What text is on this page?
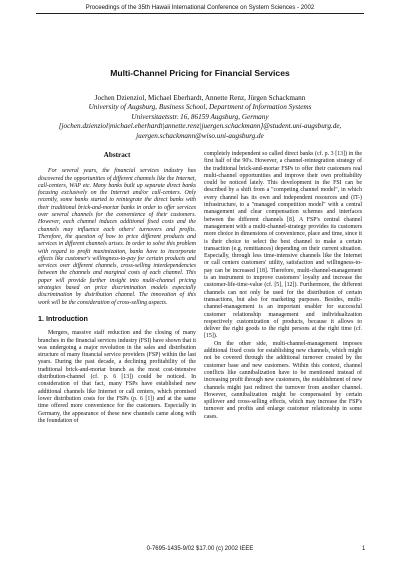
Proceedings of the 35th Hawaii International Conference on System Sciences - 2002
Multi-Channel Pricing for Financial Services
Jochen Dzienziol, Michael Eberhardt, Annette Renz, Jürgen Schackmann
University of Augsburg, Business School, Department of Information Systems
Universitaetsstr. 16, 86159 Augsburg, Germany
[jochen.dzienziol|michael.eberhardt|annette.renz|juergen.schackmann]@student.uni-augsburg.de,
juergen.schackmann@wiso.uni-augsburg.de
Abstract

For several years, the financial services industry has discovered the opportunities of different channels like the Internet, call-centers, WAP etc. Many banks built up separate direct banks focusing exclusively on the Internet and/or call-centers. Only recently, some banks started to reintegrate the direct banks with their traditional brick-and-mortar banks in order to offer services over several channels for the convenience of their customers. However, each channel induces additional fixed costs and the channels may influence each others' turnovers and profits. Therefore, the question of how to price different products and services in different channels arises. In order to solve this problem with regard to profit maximization, banks have to incorporate effects like customer's willingness-to-pay for certain products and services over different channels, cross-selling interdependencies between the channels and marginal costs of each channel. This paper will provide further insight into multi-channel pricing strategies based on price discrimination models especially discrimination by distribution channel. The innovation of this work will be the consideration of cross-selling aspects.

1. Introduction

Mergers, massive staff reduction and the closing of many branches in the financial services industry (FSI) have shown that it was undergoing a major revolution in the sales and distribution structure of many financial service providers (FSP) within the last years. During the past decade, a declining profitability of the traditional brick-and-mortar branch as the most cost-intensive distribution-channel (cf. p. 6 [13]) could be noticed. In consideration of that fact, many FSPs have established new additional channels like Internet or call centers, which promised lower distribution costs for the FSPs (p. 6 [1]) and at the same time offered more convenience for the customers. Especially in Germany, the appearance of these new channels came along with the foundation of

completely independent so called direct banks (cf. p. 3 [13]) in the first half of the 90's. However, a channel-reintegration strategy of the traditional brick-and-mortar FSPs to offer their customers real multi-channel opportunities and improve their own profitability could be noticed lately. This development in the FSI can be described by a shift from a "competing channel model", in which every channel has its own and independent resources and (IT-) infrastructure, to a "managed competition model" with a central management and clear compensation schemes and interfaces between the different channels [8]. A FSP's central channel management with a multi-channel-strategy provides its customers more choice in dimensions of convenience, place and time, since it is their choice to select the best channel to make a certain transaction (e.g. remittances) depending on their current situation. Especially, through less time-intensive channels like the Internet or call centers customers' utility, satisfaction and willingness-to-pay can be increased [18]. Therefore, multi-channel-management is an instrument to improve customers' loyalty and increase the customer-life-time-value (cf. [5], [12]). Furthermore, the different channels can not only be used for the distribution of certain transactions, but also for marketing purposes. Besides, multi-channel-management is an important enabler for successful customer relationship management and individualization respectively customization of products, because it allows to deliver the right goods to the right persons at the right time (cf. [15]).

On the other side, multi-channel-management imposes additional fixed costs for establishing new channels, which might not be covered through the additional turnover created by the customer base and new customers. Within this context, channel conflicts like cannibalization have to be mentioned instead of increasing profit through new customers, the establishment of new channels might just redirect the turnover from another channel. However, cannibalization might be compensated by certain spillover and cross-selling effects, which may increase the FSP's turnover and profits and enlarge customer relationship in some cases.

0-7695-1435-9/02 $17.00 (c) 2002 IEEE	1
